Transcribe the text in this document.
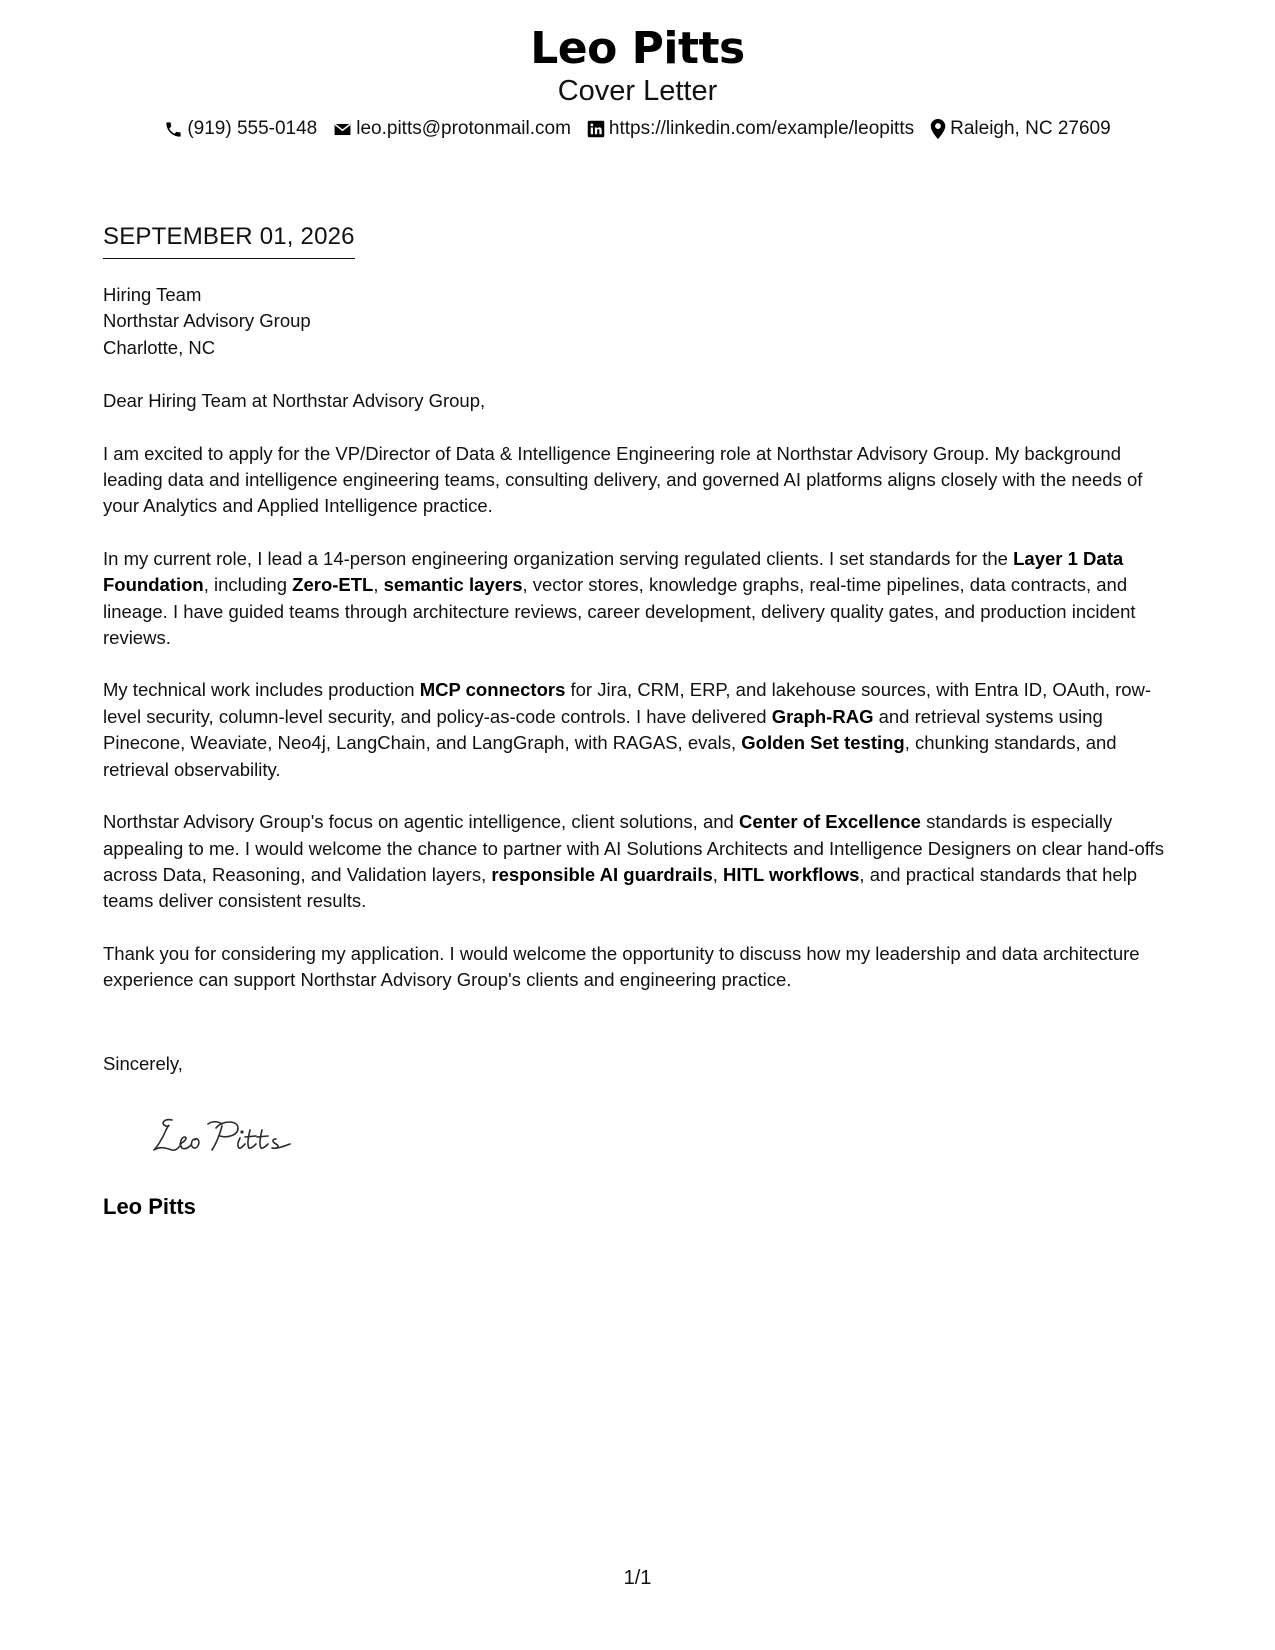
Leo Pitts
Cover Letter
(919) 555-0148 leo.pitts@protonmail.com https://linkedin.com/example/leopitts Raleigh, NC 27609
SEPTEMBER 01, 2026
Hiring Team
Northstar Advisory Group
Charlotte, NC

Dear Hiring Team at Northstar Advisory Group,

I am excited to apply for the VP/Director of Data & Intelligence Engineering role at Northstar Advisory Group. My background leading data and intelligence engineering teams, consulting delivery, and governed AI platforms aligns closely with the needs of your Analytics and Applied Intelligence practice.

In my current role, I lead a 14-person engineering organization serving regulated clients. I set standards for the Layer 1 Data Foundation, including Zero-ETL, semantic layers, vector stores, knowledge graphs, real-time pipelines, data contracts, and lineage. I have guided teams through architecture reviews, career development, delivery quality gates, and production incident reviews.

My technical work includes production MCP connectors for Jira, CRM, ERP, and lakehouse sources, with Entra ID, OAuth, row-level security, column-level security, and policy-as-code controls. I have delivered Graph-RAG and retrieval systems using Pinecone, Weaviate, Neo4j, LangChain, and LangGraph, with RAGAS, evals, Golden Set testing, chunking standards, and retrieval observability.

Northstar Advisory Group's focus on agentic intelligence, client solutions, and Center of Excellence standards is especially appealing to me. I would welcome the chance to partner with AI Solutions Architects and Intelligence Designers on clear hand-offs across Data, Reasoning, and Validation layers, responsible AI guardrails, HITL workflows, and practical standards that help teams deliver consistent results.

Thank you for considering my application. I would welcome the opportunity to discuss how my leadership and data architecture experience can support Northstar Advisory Group's clients and engineering practice.

Sincerely,
Leo Pitts
1/1
